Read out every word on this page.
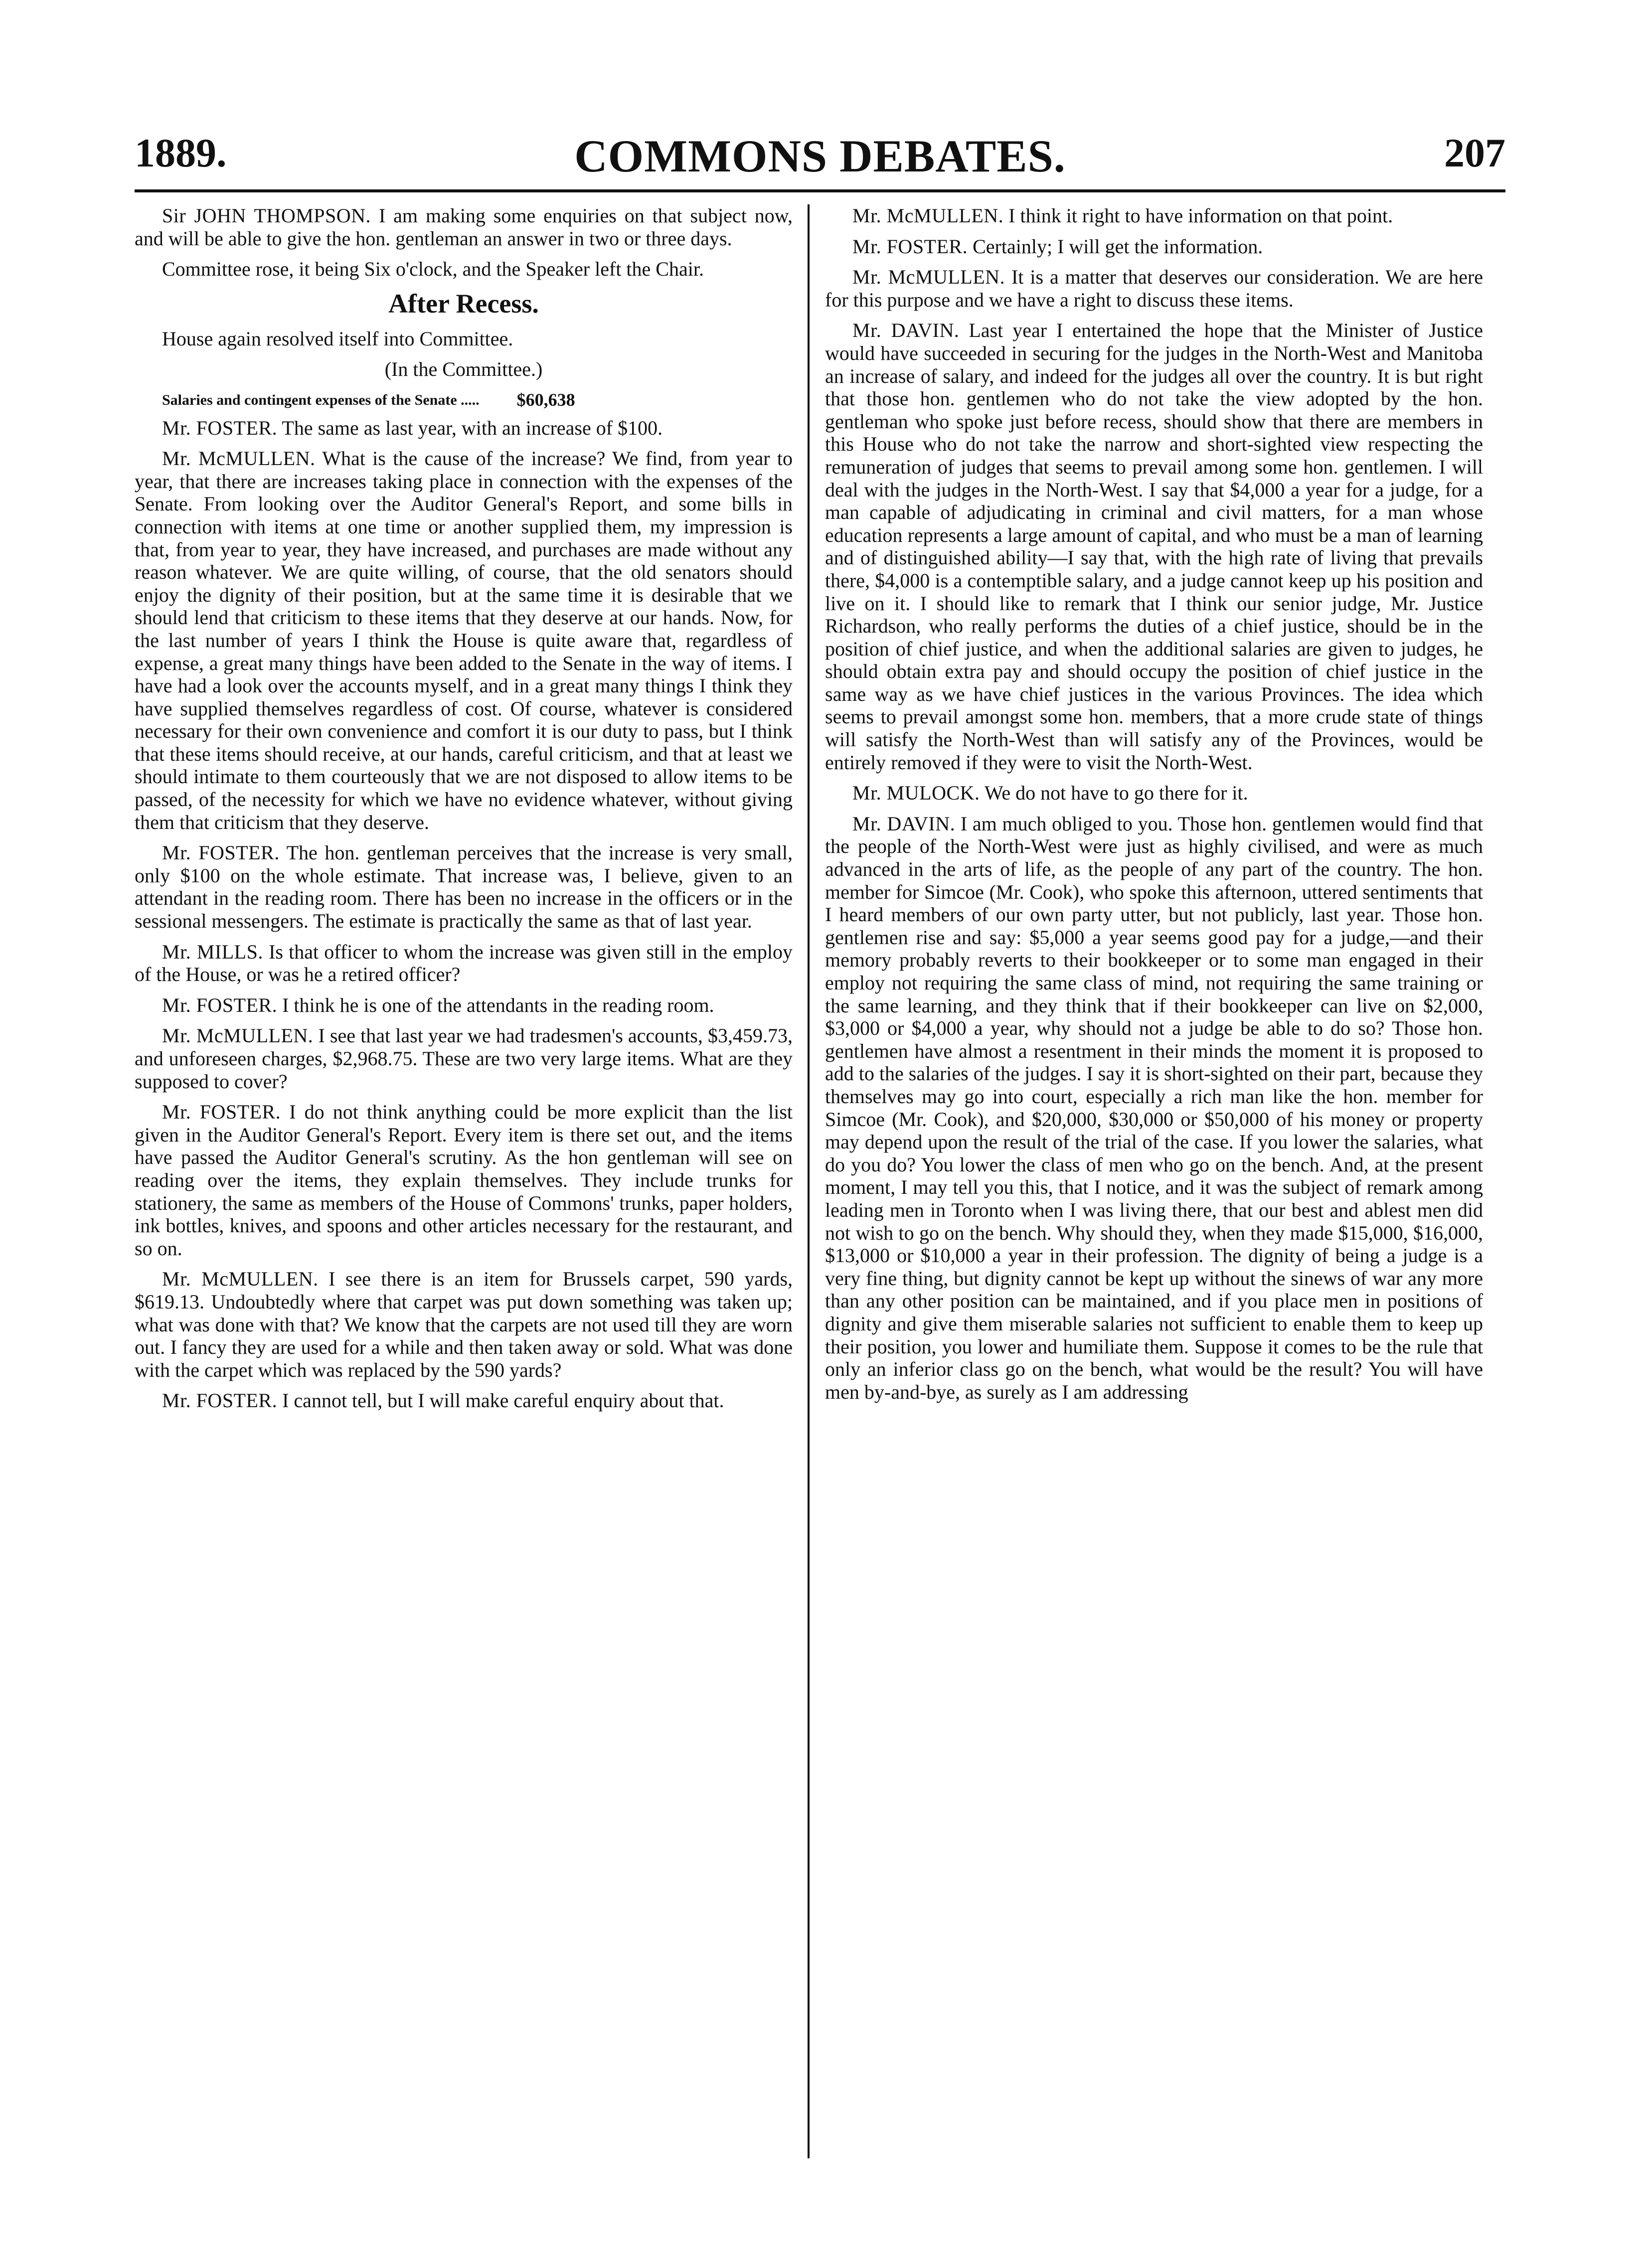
1889.	COMMONS DEBATES.	207

Sir JOHN THOMPSON. I am making some enquiries on that subject now, and will be able to give the hon. gentleman an answer in two or three days.

Committee rose, it being Six o'clock, and the Speaker left the Chair.

After Recess.

House again resolved itself into Committee.

(In the Committee.)

Salaries and contingent expenses of the Senate .....	$60,638

Mr. FOSTER. The same as last year, with an increase of $100.

Mr. McMULLEN. What is the cause of the increase? We find, from year to year, that there are increases taking place in connection with the expenses of the Senate. From looking over the Auditor General's Report, and some bills in connection with items at one time or another supplied them, my impression is that, from year to year, they have increased, and purchases are made without any reason whatever. We are quite willing, of course, that the old senators should enjoy the dignity of their position, but at the same time it is desirable that we should lend that criticism to these items that they deserve at our hands. Now, for the last number of years I think the House is quite aware that, regardless of expense, a great many things have been added to the Senate in the way of items. I have had a look over the accounts myself, and in a great many things I think they have supplied themselves regardless of cost. Of course, whatever is considered necessary for their own convenience and comfort it is our duty to pass, but I think that these items should receive, at our hands, careful criticism, and that at least we should intimate to them courteously that we are not disposed to allow items to be passed, of the necessity for which we have no evidence whatever, without giving them that criticism that they deserve.

Mr. FOSTER. The hon. gentleman perceives that the increase is very small, only $100 on the whole estimate. That increase was, I believe, given to an attendant in the reading room. There has been no increase in the officers or in the sessional messengers. The estimate is practically the same as that of last year.

Mr. MILLS. Is that officer to whom the increase was given still in the employ of the House, or was he a retired officer?

Mr. FOSTER. I think he is one of the attendants in the reading room.

Mr. McMULLEN. I see that last year we had tradesmen's accounts, $3,459.73, and unforeseen charges, $2,968.75. These are two very large items. What are they supposed to cover?

Mr. FOSTER. I do not think anything could be more explicit than the list given in the Auditor General's Report. Every item is there set out, and the items have passed the Auditor General's scrutiny. As the hon gentleman will see on reading over the items, they explain themselves. They include trunks for stationery, the same as members of the House of Commons' trunks, paper holders, ink bottles, knives, and spoons and other articles necessary for the restaurant, and so on.

Mr. McMULLEN. I see there is an item for Brussels carpet, 590 yards, $619.13. Undoubtedly where that carpet was put down something was taken up; what was done with that? We know that the carpets are not used till they are worn out. I fancy they are used for a while and then taken away or sold. What was done with the carpet which was replaced by the 590 yards?

Mr. FOSTER. I cannot tell, but I will make careful enquiry about that.

Mr. McMULLEN. I think it right to have information on that point.

Mr. FOSTER. Certainly; I will get the information.

Mr. McMULLEN. It is a matter that deserves our consideration. We are here for this purpose and we have a right to discuss these items.

Mr. DAVIN. Last year I entertained the hope that the Minister of Justice would have succeeded in securing for the judges in the North-West and Manitoba an increase of salary, and indeed for the judges all over the country. It is but right that those hon. gentlemen who do not take the view adopted by the hon. gentleman who spoke just before recess, should show that there are members in this House who do not take the narrow and short-sighted view respecting the remuneration of judges that seems to prevail among some hon. gentlemen. I will deal with the judges in the North-West. I say that $4,000 a year for a judge, for a man capable of adjudicating in criminal and civil matters, for a man whose education represents a large amount of capital, and who must be a man of learning and of distinguished ability—I say that, with the high rate of living that prevails there, $4,000 is a contemptible salary, and a judge cannot keep up his position and live on it. I should like to remark that I think our senior judge, Mr. Justice Richardson, who really performs the duties of a chief justice, should be in the position of chief justice, and when the additional salaries are given to judges, he should obtain extra pay and should occupy the position of chief justice in the same way as we have chief justices in the various Provinces. The idea which seems to prevail amongst some hon. members, that a more crude state of things will satisfy the North-West than will satisfy any of the Provinces, would be entirely removed if they were to visit the North-West.

Mr. MULOCK. We do not have to go there for it.

Mr. DAVIN. I am much obliged to you. Those hon. gentlemen would find that the people of the North-West were just as highly civilised, and were as much advanced in the arts of life, as the people of any part of the country. The hon. member for Simcoe (Mr. Cook), who spoke this afternoon, uttered sentiments that I heard members of our own party utter, but not publicly, last year. Those hon. gentlemen rise and say: $5,000 a year seems good pay for a judge,—and their memory probably reverts to their bookkeeper or to some man engaged in their employ not requiring the same class of mind, not requiring the same training or the same learning, and they think that if their bookkeeper can live on $2,000, $3,000 or $4,000 a year, why should not a judge be able to do so? Those hon. gentlemen have almost a resentment in their minds the moment it is proposed to add to the salaries of the judges. I say it is short-sighted on their part, because they themselves may go into court, especially a rich man like the hon. member for Simcoe (Mr. Cook), and $20,000, $30,000 or $50,000 of his money or property may depend upon the result of the trial of the case. If you lower the salaries, what do you do? You lower the class of men who go on the bench. And, at the present moment, I may tell you this, that I notice, and it was the subject of remark among leading men in Toronto when I was living there, that our best and ablest men did not wish to go on the bench. Why should they, when they made $15,000, $16,000, $13,000 or $10,000 a year in their profession. The dignity of being a judge is a very fine thing, but dignity cannot be kept up without the sinews of war any more than any other position can be maintained, and if you place men in positions of dignity and give them miserable salaries not sufficient to enable them to keep up their position, you lower and humiliate them. Suppose it comes to be the rule that only an inferior class go on the bench, what would be the result? You will have men by-and-bye, as surely as I am addressing
